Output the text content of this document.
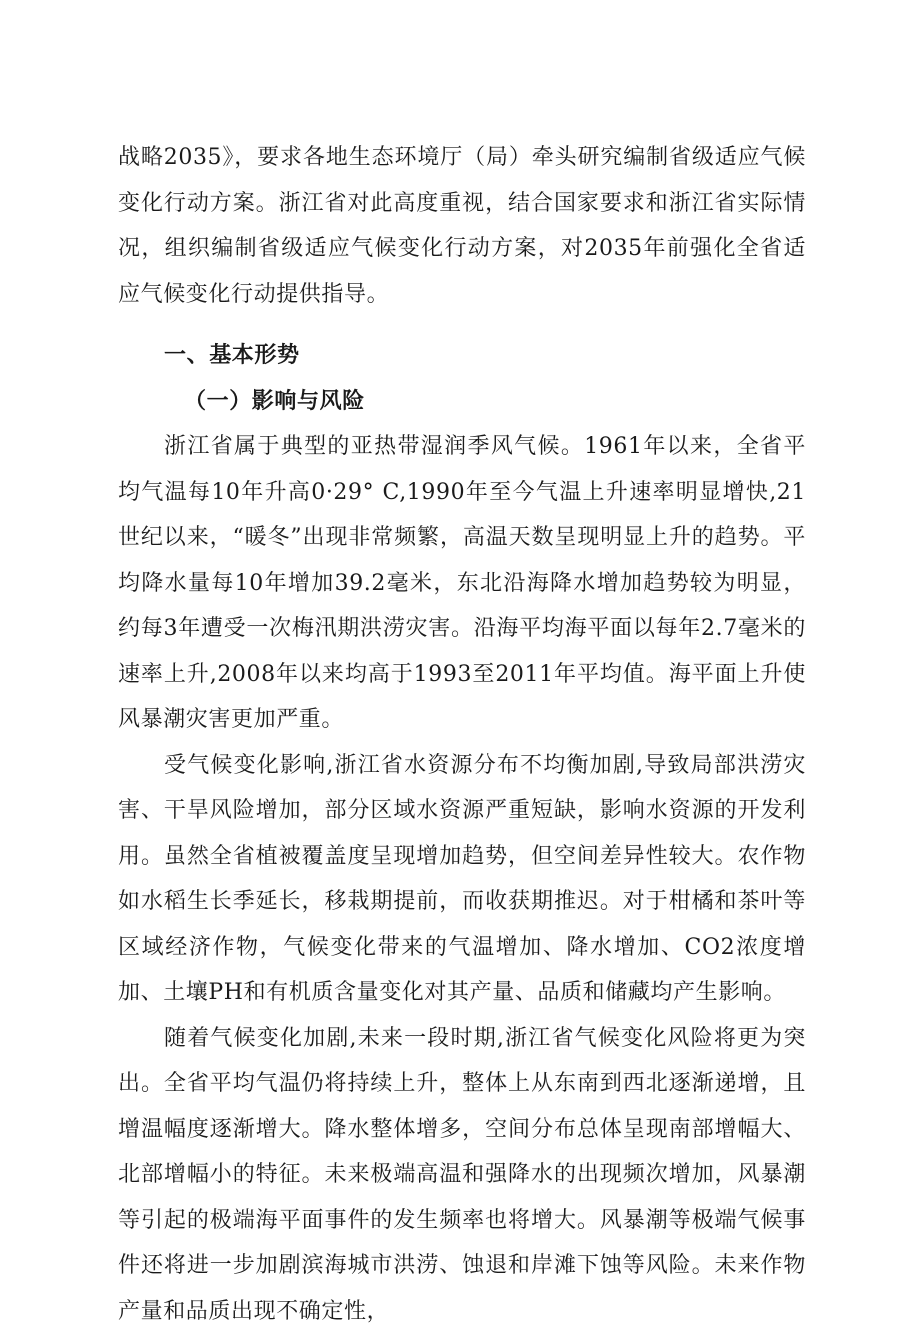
战略2035》，要求各地生态环境厅（局）牵头研究编制省级适应气候变化行动方案。浙江省对此高度重视，结合国家要求和浙江省实际情况，组织编制省级适应气候变化行动方案，对2035年前强化全省适应气候变化行动提供指导。

一、基本形势

（一）影响与风险

浙江省属于典型的亚热带湿润季风气候。1961年以来，全省平均气温每10年升高0·29° C,1990年至今气温上升速率明显增快,21世纪以来，“暖冬”出现非常频繁，高温天数呈现明显上升的趋势。平均降水量每10年增加39.2毫米，东北沿海降水增加趋势较为明显，约每3年遭受一次梅汛期洪涝灾害。沿海平均海平面以每年2.7毫米的速率上升,2008年以来均高于1993至2011年平均值。海平面上升使风暴潮灾害更加严重。

受气候变化影响,浙江省水资源分布不均衡加剧,导致局部洪涝灾害、干旱风险增加，部分区域水资源严重短缺，影响水资源的开发利用。虽然全省植被覆盖度呈现增加趋势，但空间差异性较大。农作物如水稻生长季延长，移栽期提前，而收获期推迟。对于柑橘和茶叶等区域经济作物，气候变化带来的气温增加、降水增加、CO2浓度增加、土壤PH和有机质含量变化对其产量、品质和储藏均产生影响。

随着气候变化加剧,未来一段时期,浙江省气候变化风险将更为突出。全省平均气温仍将持续上升，整体上从东南到西北逐渐递增，且增温幅度逐渐增大。降水整体增多，空间分布总体呈现南部增幅大、北部增幅小的特征。未来极端高温和强降水的出现频次增加，风暴潮等引起的极端海平面事件的发生频率也将增大。风暴潮等极端气候事件还将进一步加剧滨海城市洪涝、蚀退和岸滩下蚀等风险。未来作物产量和品质出现不确定性，
